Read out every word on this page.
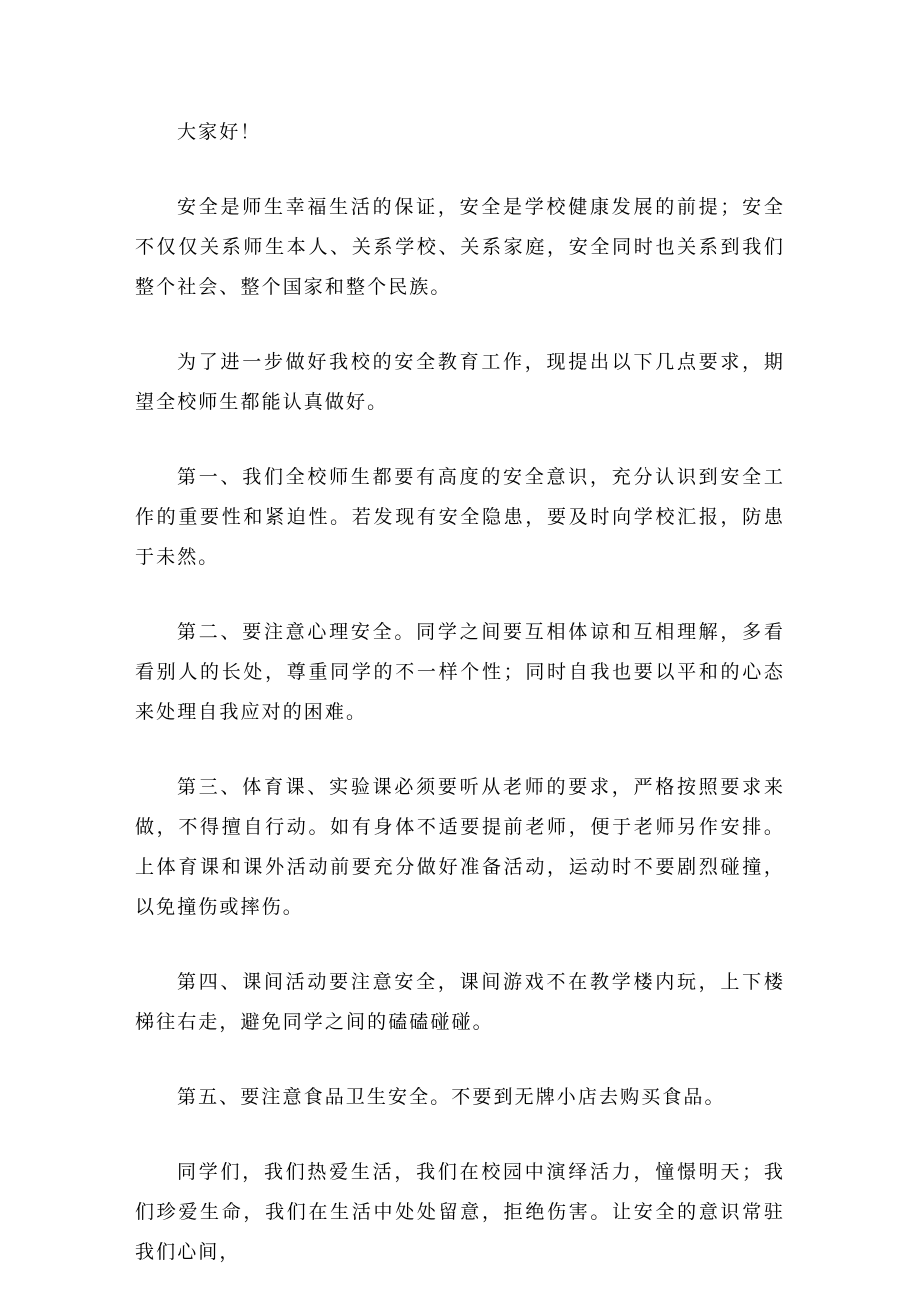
大家好！

安全是师生幸福生活的保证，安全是学校健康发展的前提；安全不仅仅关系师生本人、关系学校、关系家庭，安全同时也关系到我们整个社会、整个国家和整个民族。

为了进一步做好我校的安全教育工作，现提出以下几点要求，期望全校师生都能认真做好。

第一、我们全校师生都要有高度的安全意识，充分认识到安全工作的重要性和紧迫性。若发现有安全隐患，要及时向学校汇报，防患于未然。

第二、要注意心理安全。同学之间要互相体谅和互相理解，多看看别人的长处，尊重同学的不一样个性；同时自我也要以平和的心态来处理自我应对的困难。

第三、体育课、实验课必须要听从老师的要求，严格按照要求来做，不得擅自行动。如有身体不适要提前老师，便于老师另作安排。上体育课和课外活动前要充分做好准备活动，运动时不要剧烈碰撞，以免撞伤或摔伤。

第四、课间活动要注意安全，课间游戏不在教学楼内玩，上下楼梯往右走，避免同学之间的磕磕碰碰。

第五、要注意食品卫生安全。不要到无牌小店去购买食品。

同学们，我们热爱生活，我们在校园中演绎活力，憧憬明天；我们珍爱生命，我们在生活中处处留意，拒绝伤害。让安全的意识常驻我们心间，
